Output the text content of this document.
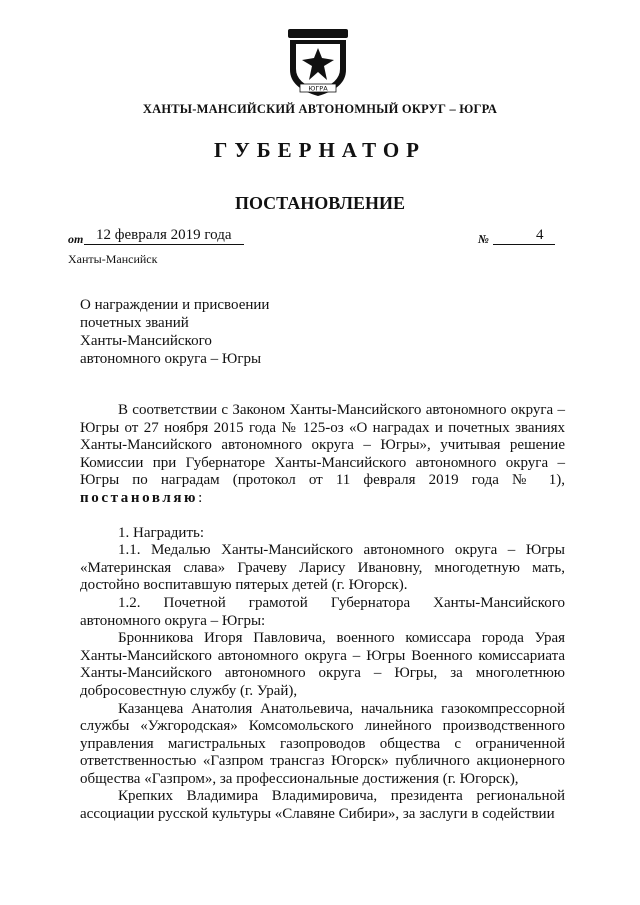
ЮГРА
ХАНТЫ-МАНСИЙСКИЙ АВТОНОМНЫЙ ОКРУГ – ЮГРА
ГУБЕРНАТОР
ПОСТАНОВЛЕНИЕ
от 12 февраля 2019 года	№	4
Ханты-Мансийск
О награждении и присвоении
почетных званий
Ханты-Мансийского
автономного округа – Югры

В соответствии с Законом Ханты-Мансийского автономного округа – Югры от 27 ноября 2015 года № 125-оз «О наградах и почетных званиях Ханты-Мансийского автономного округа – Югры», учитывая решение Комиссии при Губернаторе Ханты-Мансийского автономного округа – Югры по наградам (протокол от 11 февраля 2019 года № 1), постановляю:

1. Наградить:

1.1. Медалью Ханты-Мансийского автономного округа – Югры «Материнская слава» Грачеву Ларису Ивановну, многодетную мать, достойно воспитавшую пятерых детей (г. Югорск).

1.2. Почетной грамотой Губернатора Ханты-Мансийского автономного округа – Югры:

Бронникова Игоря Павловича, военного комиссара города Урая Ханты-Мансийского автономного округа – Югры Военного комиссариата Ханты-Мансийского автономного округа – Югры, за многолетнюю добросовестную службу (г. Урай),

Казанцева Анатолия Анатольевича, начальника газокомпрессорной службы «Ужгородская» Комсомольского линейного производственного управления магистральных газопроводов общества с ограниченной ответственностью «Газпром трансгаз Югорск» публичного акционерного общества «Газпром», за профессиональные достижения (г. Югорск),

Крепких Владимира Владимировича, президента региональной ассоциации русской культуры «Славяне Сибири», за заслуги в содействии
